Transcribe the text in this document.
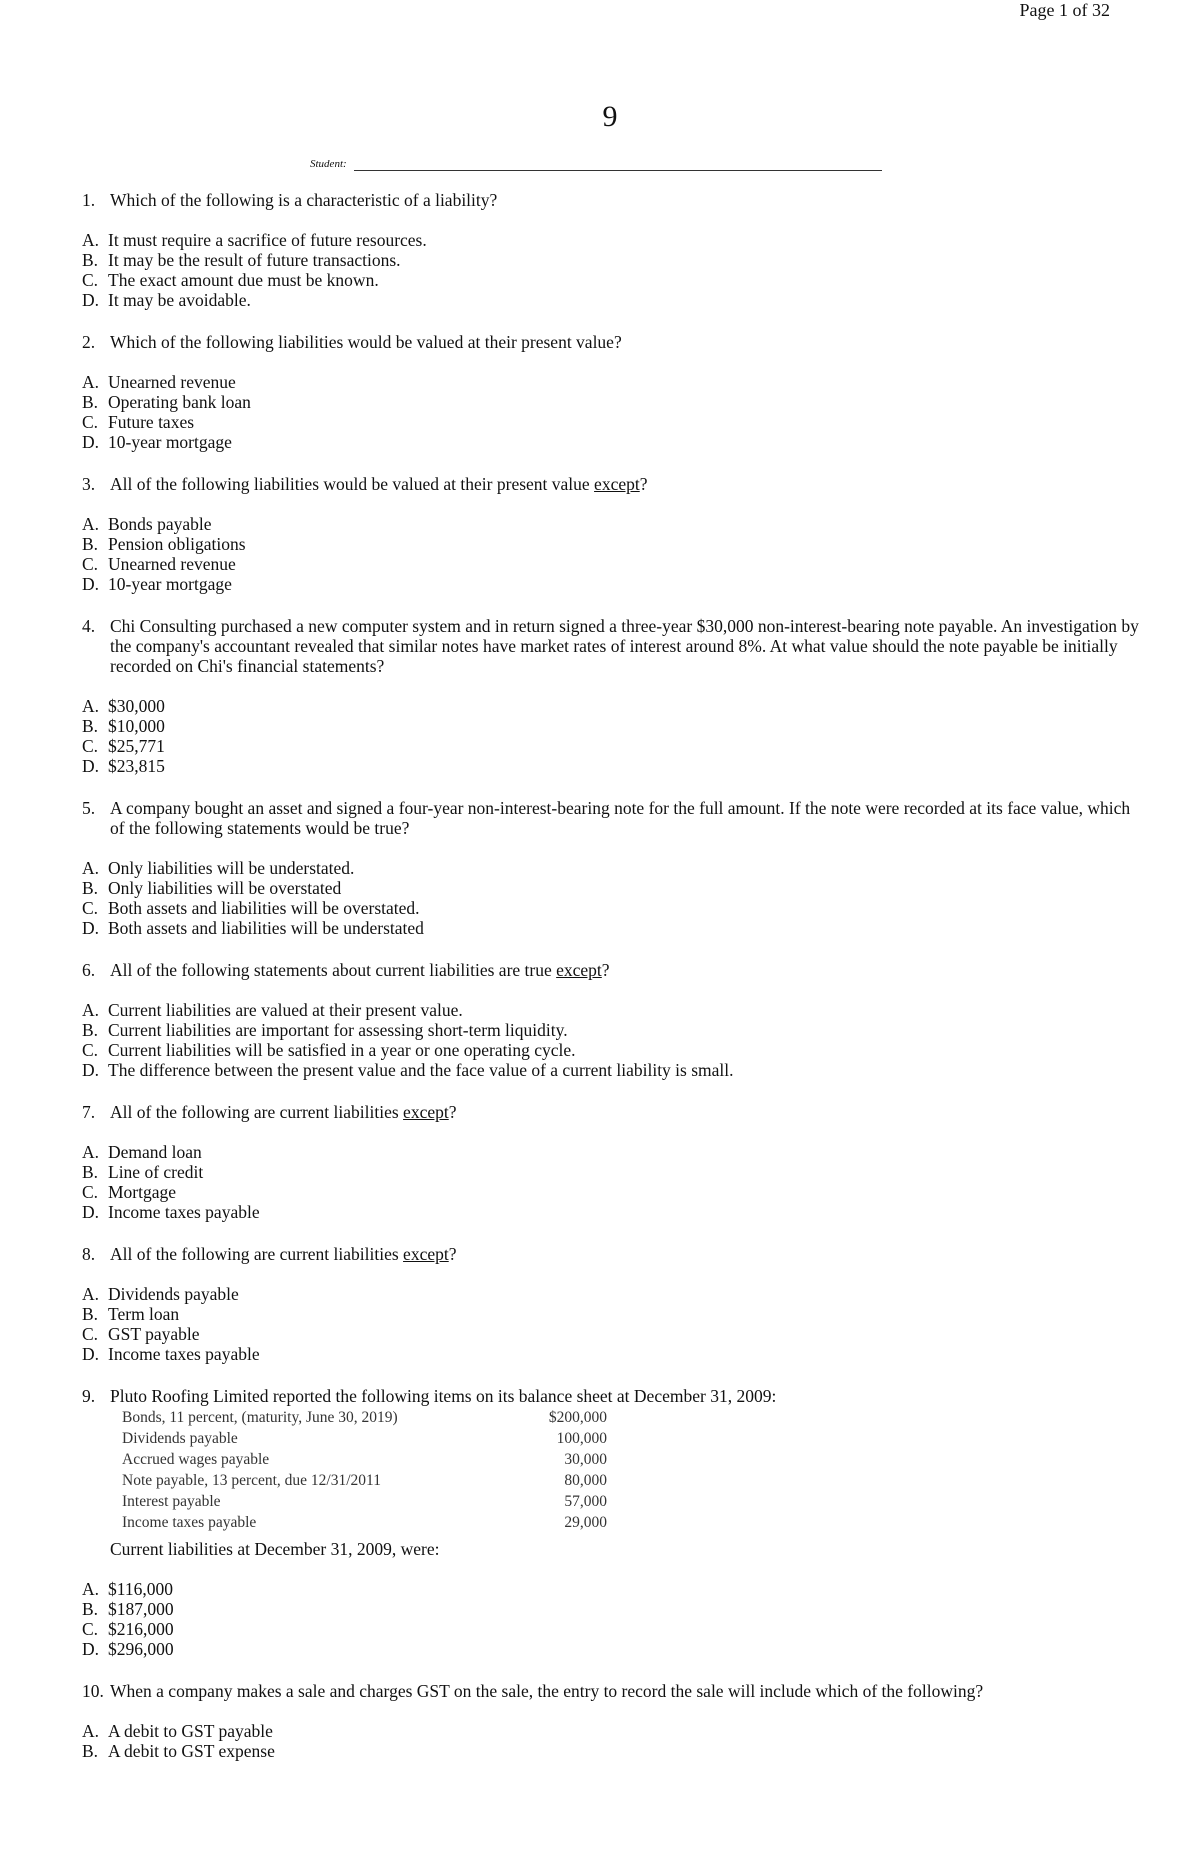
Page 1 of 32
9
Student:
1. Which of the following is a characteristic of a liability?
A. It must require a sacrifice of future resources.
B. It may be the result of future transactions.
C. The exact amount due must be known.
D. It may be avoidable.
2. Which of the following liabilities would be valued at their present value?
A. Unearned revenue
B. Operating bank loan
C. Future taxes
D. 10-year mortgage
3. All of the following liabilities would be valued at their present value except?
A. Bonds payable
B. Pension obligations
C. Unearned revenue
D. 10-year mortgage
4. Chi Consulting purchased a new computer system and in return signed a three-year $30,000 non-interest-bearing note payable. An investigation by the company's accountant revealed that similar notes have market rates of interest around 8%. At what value should the note payable be initially recorded on Chi's financial statements?
A. $30,000
B. $10,000
C. $25,771
D. $23,815
5. A company bought an asset and signed a four-year non-interest-bearing note for the full amount. If the note were recorded at its face value, which of the following statements would be true?
A. Only liabilities will be understated.
B. Only liabilities will be overstated
C. Both assets and liabilities will be overstated.
D. Both assets and liabilities will be understated
6. All of the following statements about current liabilities are true except?
A. Current liabilities are valued at their present value.
B. Current liabilities are important for assessing short-term liquidity.
C. Current liabilities will be satisfied in a year or one operating cycle.
D. The difference between the present value and the face value of a current liability is small.
7. All of the following are current liabilities except?
A. Demand loan
B. Line of credit
C. Mortgage
D. Income taxes payable
8. All of the following are current liabilities except?
A. Dividends payable
B. Term loan
C. GST payable
D. Income taxes payable
9. Pluto Roofing Limited reported the following items on its balance sheet at December 31, 2009:
Bonds, 11 percent, (maturity, June 30, 2019)	$200,000
Dividends payable	100,000
Accrued wages payable	30,000
Note payable, 13 percent, due 12/31/2011	80,000
Interest payable	57,000
Income taxes payable	29,000
Current liabilities at December 31, 2009, were:
A. $116,000
B. $187,000
C. $216,000
D. $296,000
10. When a company makes a sale and charges GST on the sale, the entry to record the sale will include which of the following?
A. A debit to GST payable
B. A debit to GST expense
